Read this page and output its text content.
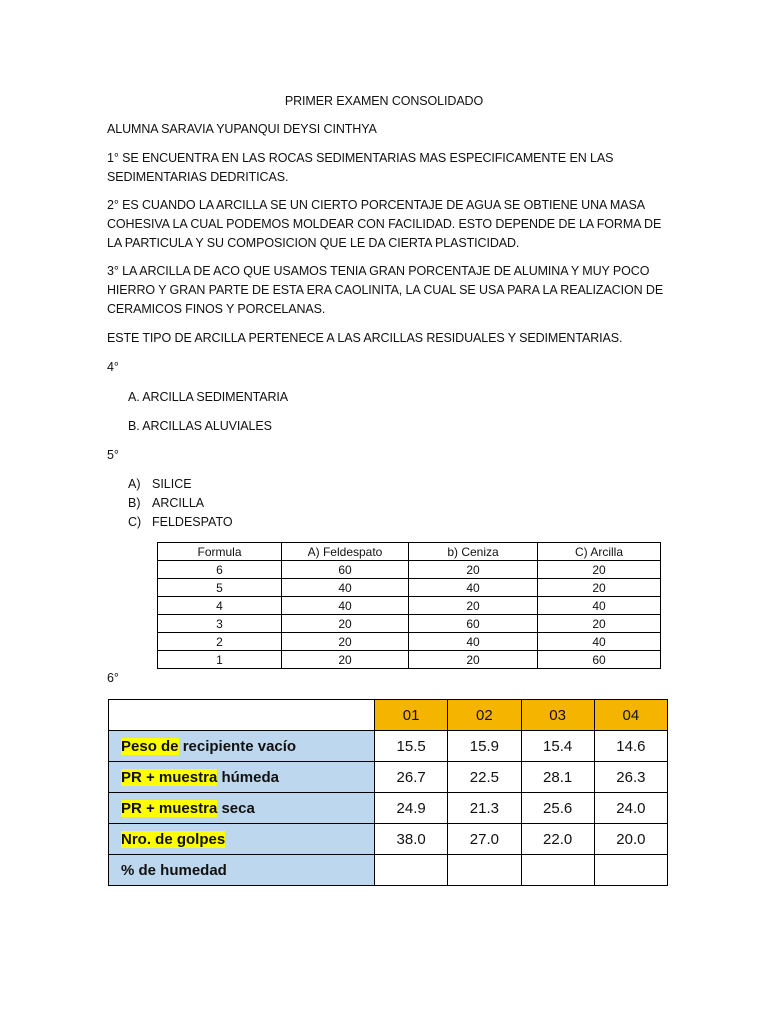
PRIMER EXAMEN CONSOLIDADO

ALUMNA SARAVIA YUPANQUI DEYSI CINTHYA

1° SE ENCUENTRA EN LAS ROCAS SEDIMENTARIAS MAS ESPECIFICAMENTE EN LAS SEDIMENTARIAS DEDRITICAS.

2° ES CUANDO LA ARCILLA SE UN CIERTO PORCENTAJE DE AGUA SE OBTIENE UNA MASA COHESIVA LA CUAL PODEMOS MOLDEAR CON FACILIDAD. ESTO DEPENDE DE LA FORMA DE LA PARTICULA Y SU COMPOSICION QUE LE DA CIERTA PLASTICIDAD.

3° LA ARCILLA DE ACO QUE USAMOS TENIA GRAN PORCENTAJE DE ALUMINA Y MUY POCO HIERRO Y GRAN PARTE DE ESTA ERA CAOLINITA, LA CUAL SE USA PARA LA REALIZACION DE CERAMICOS FINOS Y PORCELANAS.

ESTE TIPO DE ARCILLA PERTENECE A LAS ARCILLAS RESIDUALES Y SEDIMENTARIAS.

4°

A. ARCILLA SEDIMENTARIA

B. ARCILLAS ALUVIALES

5°

A) SILICE
B) ARCILLA
C) FELDESPATO
Formula	A) Feldespato	b) Ceniza	C) Arcilla
6	60	20	20
5	40	40	20
4	40	20	40
3	20	60	20
2	20	40	40
1	20	20	60

6°

	01	02	03	04
Peso de recipiente vacío	15.5	15.9	15.4	14.6
PR + muestra húmeda	26.7	22.5	28.1	26.3
PR + muestra seca	24.9	21.3	25.6	24.0
Nro. de golpes	38.0	27.0	22.0	20.0
% de humedad				
